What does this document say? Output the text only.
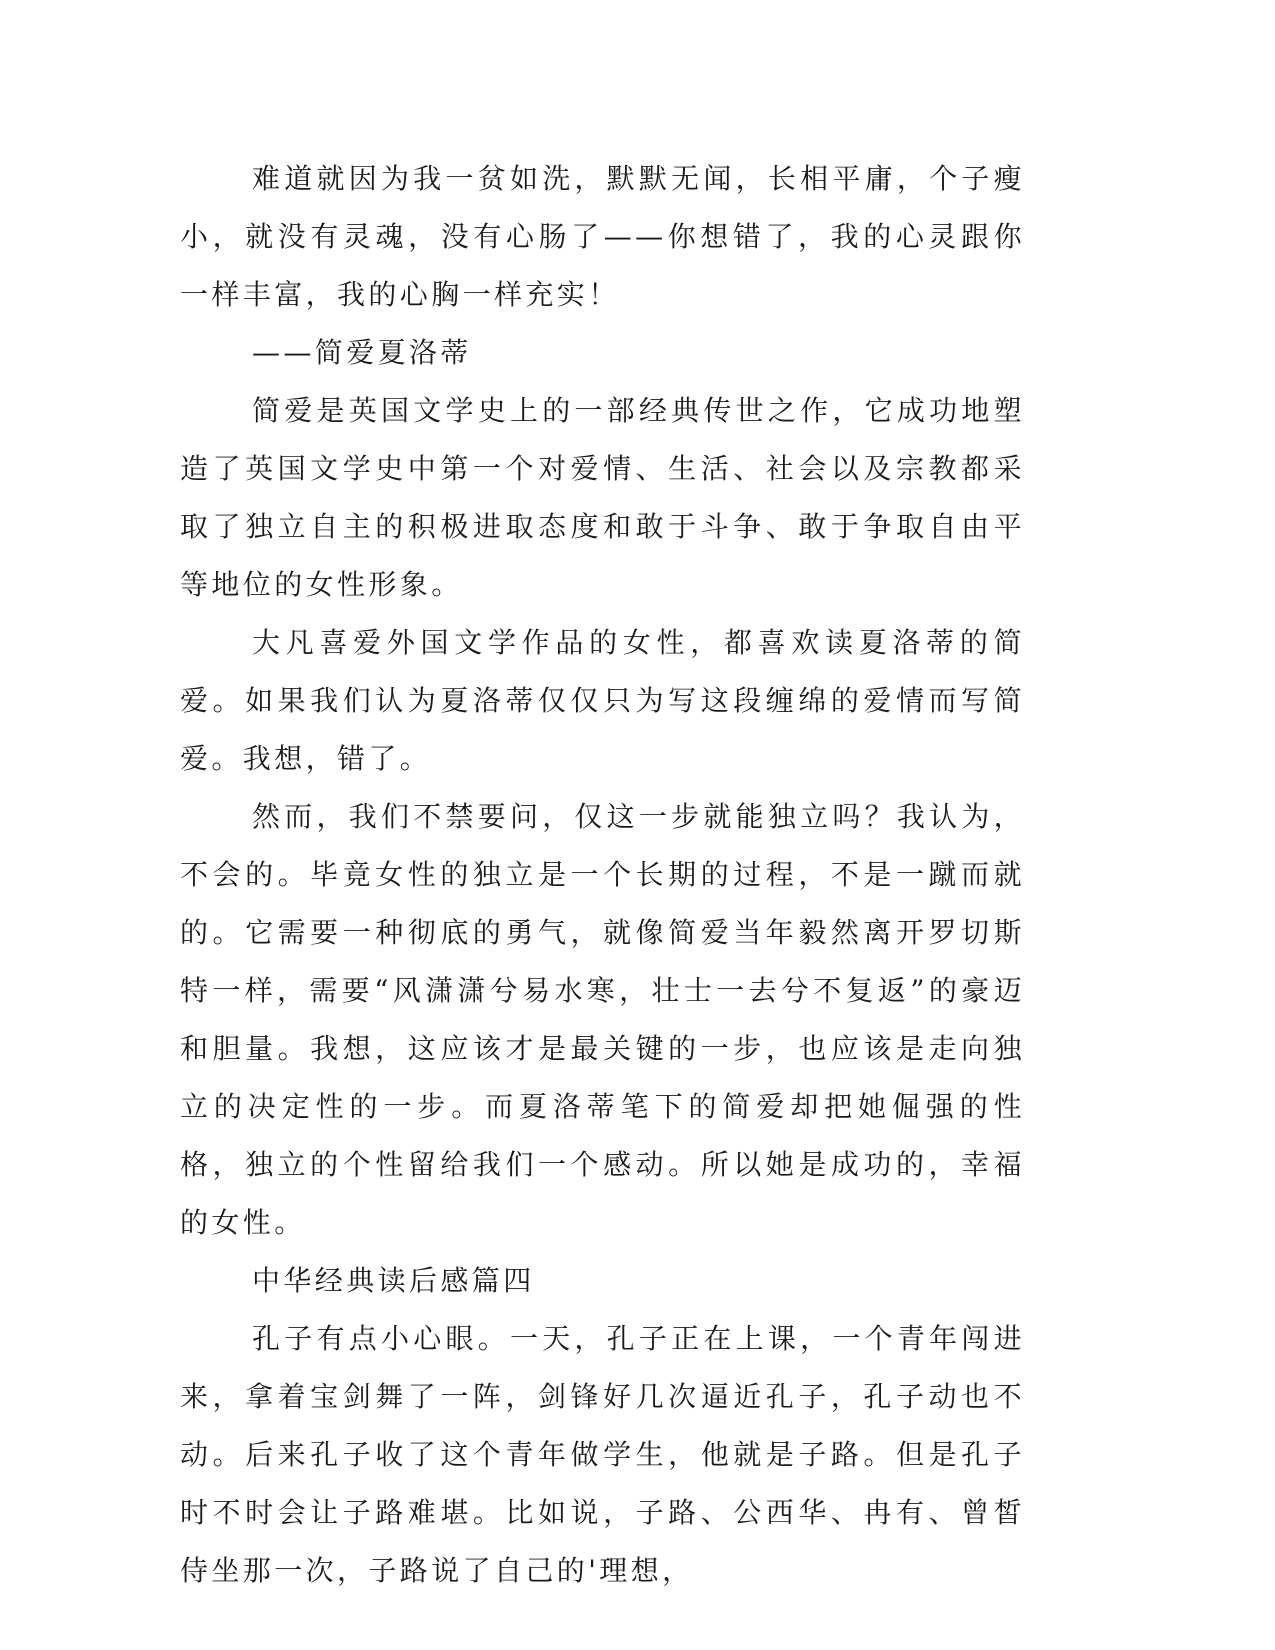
难道就因为我一贫如洗，默默无闻，长相平庸，个子瘦小，就没有灵魂，没有心肠了——你想错了，我的心灵跟你一样丰富，我的心胸一样充实！

——简爱夏洛蒂

简爱是英国文学史上的一部经典传世之作，它成功地塑造了英国文学史中第一个对爱情、生活、社会以及宗教都采取了独立自主的积极进取态度和敢于斗争、敢于争取自由平等地位的女性形象。

大凡喜爱外国文学作品的女性，都喜欢读夏洛蒂的简爱。如果我们认为夏洛蒂仅仅只为写这段缠绵的爱情而写简爱。我想，错了。

然而，我们不禁要问，仅这一步就能独立吗？我认为，不会的。毕竟女性的独立是一个长期的过程，不是一蹴而就的。它需要一种彻底的勇气，就像简爱当年毅然离开罗切斯特一样，需要“风潇潇兮易水寒，壮士一去兮不复返”的豪迈和胆量。我想，这应该才是最关键的一步，也应该是走向独立的决定性的一步。而夏洛蒂笔下的简爱却把她倔强的性格，独立的个性留给我们一个感动。所以她是成功的，幸福的女性。

中华经典读后感篇四

孔子有点小心眼。一天，孔子正在上课，一个青年闯进来，拿着宝剑舞了一阵，剑锋好几次逼近孔子，孔子动也不动。后来孔子收了这个青年做学生，他就是子路。但是孔子时不时会让子路难堪。比如说，子路、公西华、冉有、曾皙侍坐那一次，子路说了自己的'理想，
